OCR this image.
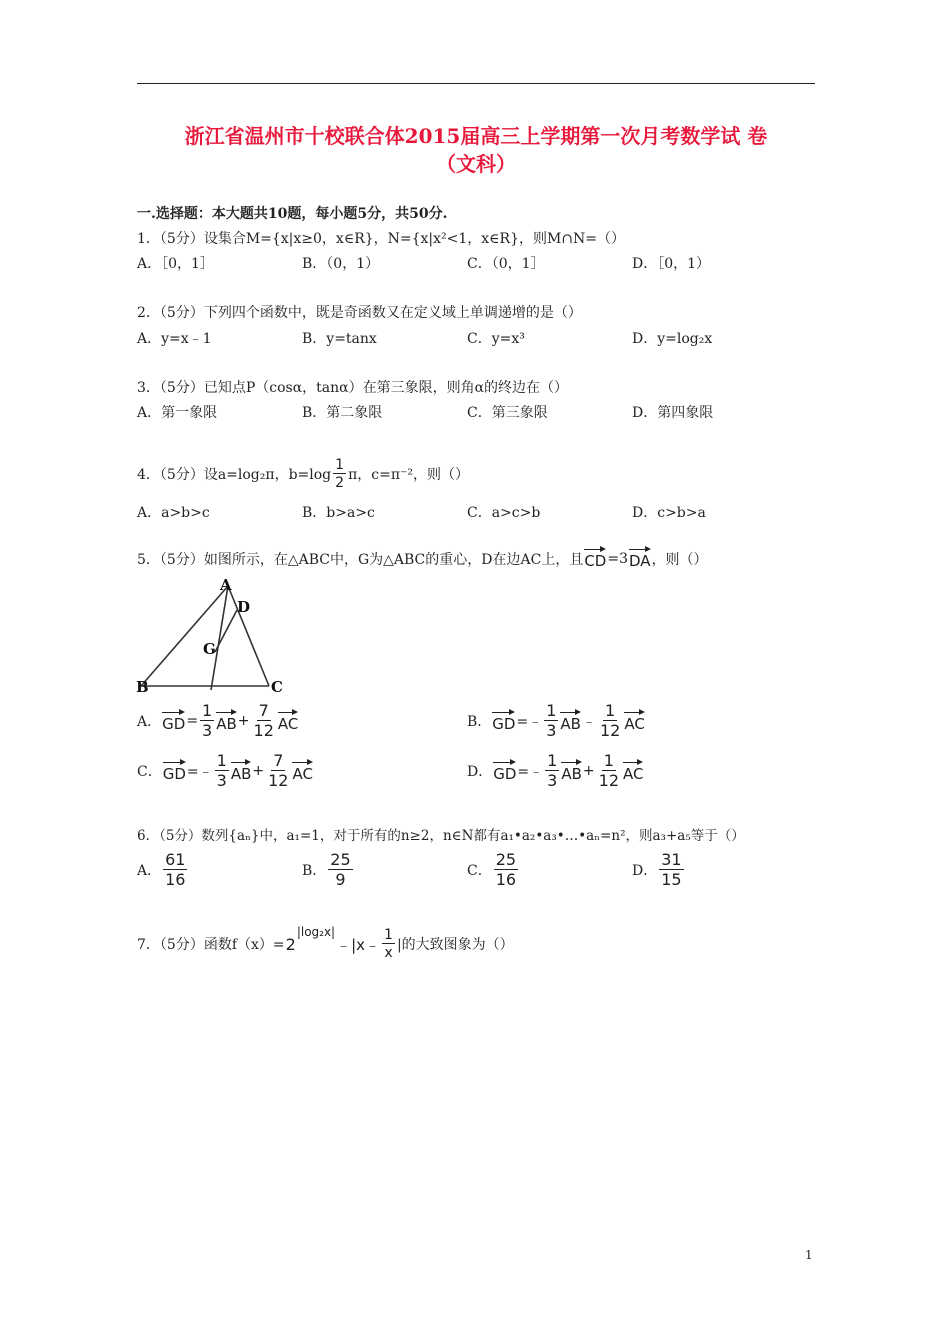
浙江省温州市十校联合体2015届高三上学期第一次月考数学试 卷
（文科）
一.选择题：本大题共10题，每小题5分，共50分.
1．（5分）设集合M={x|x≥0，x∈R}，N={x|x²<1，x∈R}，则M∩N=（）
A．［0，1］	B．（0，1）	C．（0，1］	D．［0，1）
2．（5分）下列四个函数中，既是奇函数又在定义域上单调递增的是（）
A．y=x﹣1	B．y=tanx	C．y=x³	D．y=log₂x
3．（5分）已知点P（cosα，tanα）在第三象限，则角α的终边在（）
A．第一象限	B．第二象限	C．第三象限	D．第四象限
4．（5分）设a=log₂π，$b=\log \frac{1}{2}$ π，c=π⁻²，则（）
A．a>b>c	B．b>a>c	C．a>c>b	D．c>b>a
5．（5分）如图所示，在△ABC中，G为△ABC的重心，D在边AC上，且 CD =3 DA ，则（）
A
D
G
B	C
A． GD = $\frac{1}{3}$ AB + $\frac{7}{12}$ AC	B． GD =﹣ $\frac{1}{3}$ AB ﹣ $\frac{1}{12}$ AC
C． GD =﹣ $\frac{1}{3}$ AB + $\frac{7}{12}$ AC	D． GD =﹣ $\frac{1}{3}$ AB + $\frac{1}{12}$ AC
6．（5分）数列{aₙ}中，a₁=1，对于所有的n≥2，n∈N都有a₁•a₂•a₃•…•aₙ=n²，则a₃+a₅等于（）
A． $\frac{61}{16}$	B． $\frac{25}{9}$	C． $\frac{25}{16}$	D． $\frac{31}{15}$
7．（5分）函数f（x）= 2
|log₂x|
﹣|x﹣ $\frac{1}{x}$ |的大致图象为（）
1
